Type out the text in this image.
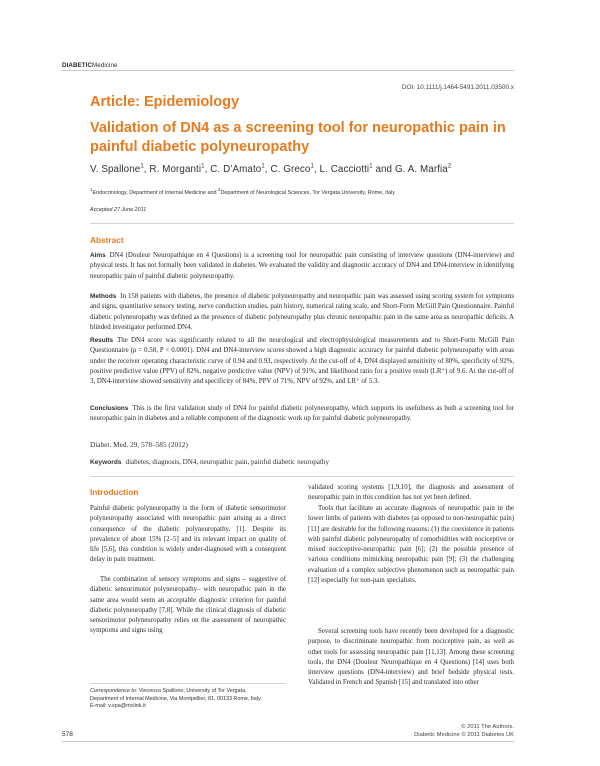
DIABETICMedicine
DOI: 10.1111/j.1464-5491.2011.03500.x
Article: Epidemiology
Validation of DN4 as a screening tool for neuropathic pain in painful diabetic polyneuropathy
V. Spallone$^1$, R. Morganti$^1$, C. D’Amato$^1$, C. Greco$^1$, L. Cacciotti$^1$ and G. A. Marfia$^2$
$^1$Endocrinology, Department of Internal Medicine and $^2$Department of Neurological Sciences, Tor Vergata University, Rome, Italy
Accepted 27 June 2011
Abstract
Aims DN4 (Douleur Neuropathique en 4 Questions) is a screening tool for neuropathic pain consisting of interview questions (DN4-interview) and physical tests. It has not formally been validated in diabetes. We evaluated the validity and diagnostic accuracy of DN4 and DN4-interview in identifying neuropathic pain of painful diabetic polyneuropathy.
Methods In 158 patients with diabetes, the presence of diabetic polyneuropathy and neuropathic pain was assessed using scoring system for symptoms and signs, quantitative sensory testing, nerve conduction studies, pain history, numerical rating scale, and Short-Form McGill Pain Questionnaire. Painful diabetic polyneuropathy was defined as the presence of diabetic polyneuropathy plus chronic neuropathic pain in the same area as neuropathic deficits. A blinded investigator performed DN4.
Results The DN4 score was significantly related to all the neurological and electrophysiological measurements and to Short-Form McGill Pain Questionnaire (ρ = 0.58, P < 0.0001). DN4 and DN4-interview scores showed a high diagnostic accuracy for painful diabetic polyneuropathy with areas under the receiver operating characteristic curve of 0.94 and 0.93, respectively. At the cut-off of 4, DN4 displayed sensitivity of 80%, specificity of 92%, positive predictive value (PPV) of 82%, negative predictive value (NPV) of 91%, and likelihood ratio for a positive result (LR⁺) of 9.6. At the cut-off of 3, DN4-interview showed sensitivity and specificity of 84%, PPV of 71%, NPV of 92%, and LR⁺ of 5.3.
Conclusions This is the first validation study of DN4 for painful diabetic polyneuropathy, which supports its usefulness as both a screening tool for neuropathic pain in diabetes and a reliable component of the diagnostic work up for painful diabetic polyneuropathy.
Diabet. Med. 29, 578–585 (2012)
Keywords diabetes, diagnosis, DN4, neuropathic pain, painful diabetic neuropathy
Introduction
Painful diabetic polyneuropathy is the form of diabetic sensorimotor polyneuropathy associated with neuropathic pain arising as a direct consequence of the diabetic polyneuropathy. [1]. Despite its prevalence of about 15% [2–5] and its relevant impact on quality of life [5,6], this condition is widely under-diagnosed with a consequent delay in pain treatment.
The combination of sensory symptoms and signs – suggestive of diabetic sensorimotor polyneuropathy– with neuropathic pain in the same area would seem an acceptable diagnostic criterion for painful diabetic polyneuropathy [7,8]. While the clinical diagnosis of diabetic sensorimotor polyneuropathy relies on the assessment of neuropathic symptoms and signs using
validated scoring systems [1,9,10], the diagnosis and assessment of neuropathic pain in this condition has not yet been defined.
Tools that facilitate an accurate diagnosis of neuropathic pain in the lower limbs of patients with diabetes (as opposed to non-neuropathic pain) [11] are desirable for the following reasons: (1) the coexistence in patients with painful diabetic polyneuropathy of comorbidities with nociceptive or mixed nociceptive-neuropathic pain [6]; (2) the possible presence of various conditions mimicking neuropathic pain [9]; (3) the challenging evaluation of a complex subjective phenomenon such as neuropathic pain [12] especially for non-pain specialists.
Several screening tools have recently been developed for a diagnostic purpose, to discriminate neuropathic from nociceptive pain, as well as other tools for assessing neuropathic pain [11,13]. Among these screening tools, the DN4 (Douleur Neuropathique en 4 Questions) [14] uses both interview questions (DN4-interview) and brief bedside physical tests. Validated in French and Spanish [15] and translated into other
Correspondence to: Vincenza Spallone, University of Tor Vergata,
Department of Internal Medicine, Via Montpellier, 81, 00133 Rome, Italy.
E-mail: v.spa@mclink.it
578
© 2011 The Authors.
Diabetic Medicine © 2011 Diabetes UK
